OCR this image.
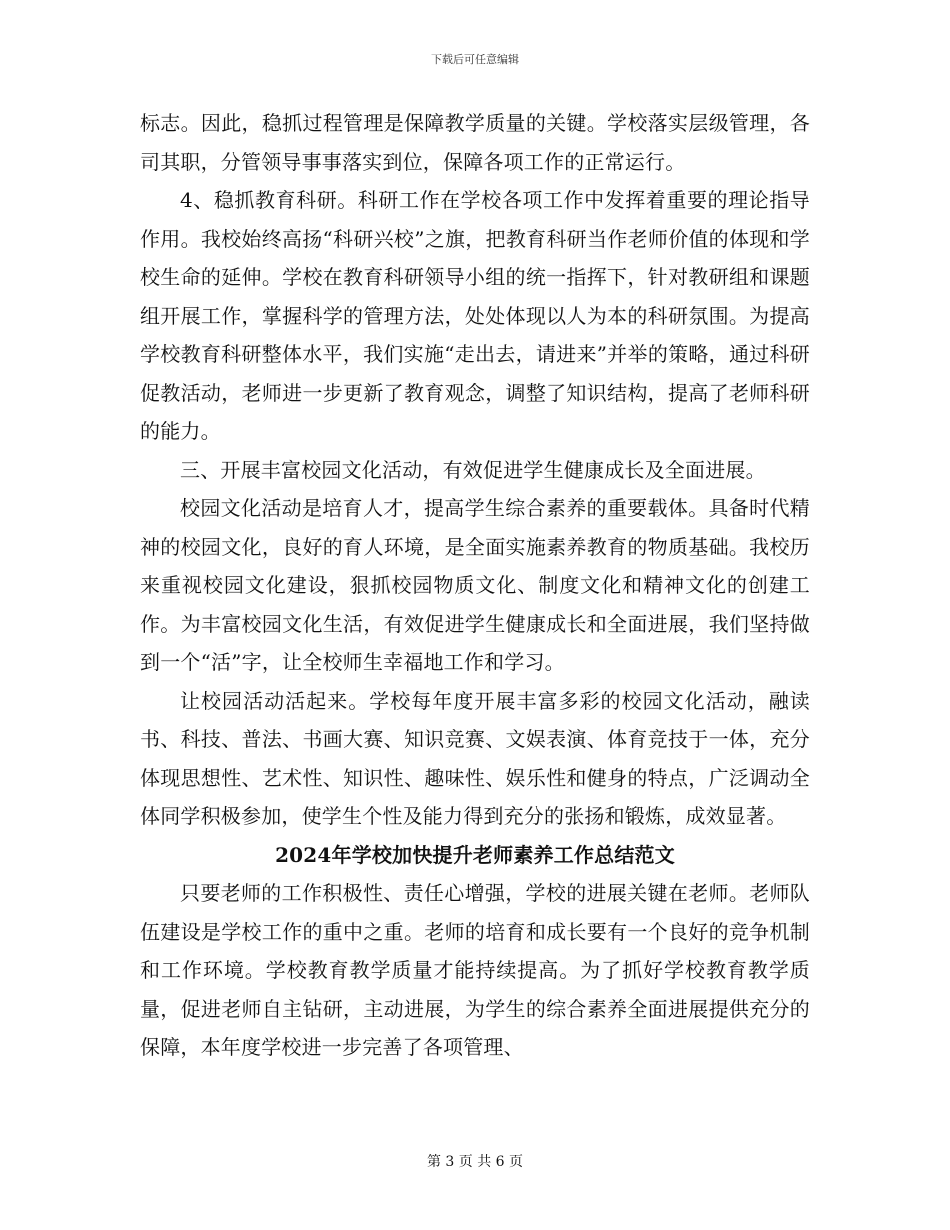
下载后可任意编辑

标志。因此，稳抓过程管理是保障教学质量的关键。学校落实层级管理，各司其职，分管领导事事落实到位，保障各项工作的正常运行。

4、稳抓教育科研。科研工作在学校各项工作中发挥着重要的理论指导作用。我校始终高扬“科研兴校”之旗，把教育科研当作老师价值的体现和学校生命的延伸。学校在教育科研领导小组的统一指挥下，针对教研组和课题组开展工作，掌握科学的管理方法，处处体现以人为本的科研氛围。为提高学校教育科研整体水平，我们实施“走出去，请进来”并举的策略，通过科研促教活动，老师进一步更新了教育观念，调整了知识结构，提高了老师科研的能力。

三、开展丰富校园文化活动，有效促进学生健康成长及全面进展。

校园文化活动是培育人才，提高学生综合素养的重要载体。具备时代精神的校园文化，良好的育人环境，是全面实施素养教育的物质基础。我校历来重视校园文化建设，狠抓校园物质文化、制度文化和精神文化的创建工作。为丰富校园文化生活，有效促进学生健康成长和全面进展，我们坚持做到一个“活”字，让全校师生幸福地工作和学习。

让校园活动活起来。学校每年度开展丰富多彩的校园文化活动，融读书、科技、普法、书画大赛、知识竞赛、文娱表演、体育竞技于一体，充分体现思想性、艺术性、知识性、趣味性、娱乐性和健身的特点，广泛调动全体同学积极参加，使学生个性及能力得到充分的张扬和锻炼，成效显著。

2024年学校加快提升老师素养工作总结范文

只要老师的工作积极性、责任心增强，学校的进展关键在老师。老师队伍建设是学校工作的重中之重。老师的培育和成长要有一个良好的竞争机制和工作环境。学校教育教学质量才能持续提高。为了抓好学校教育教学质量，促进老师自主钻研，主动进展，为学生的综合素养全面进展提供充分的保障，本年度学校进一步完善了各项管理、

第 3 页 共 6 页
